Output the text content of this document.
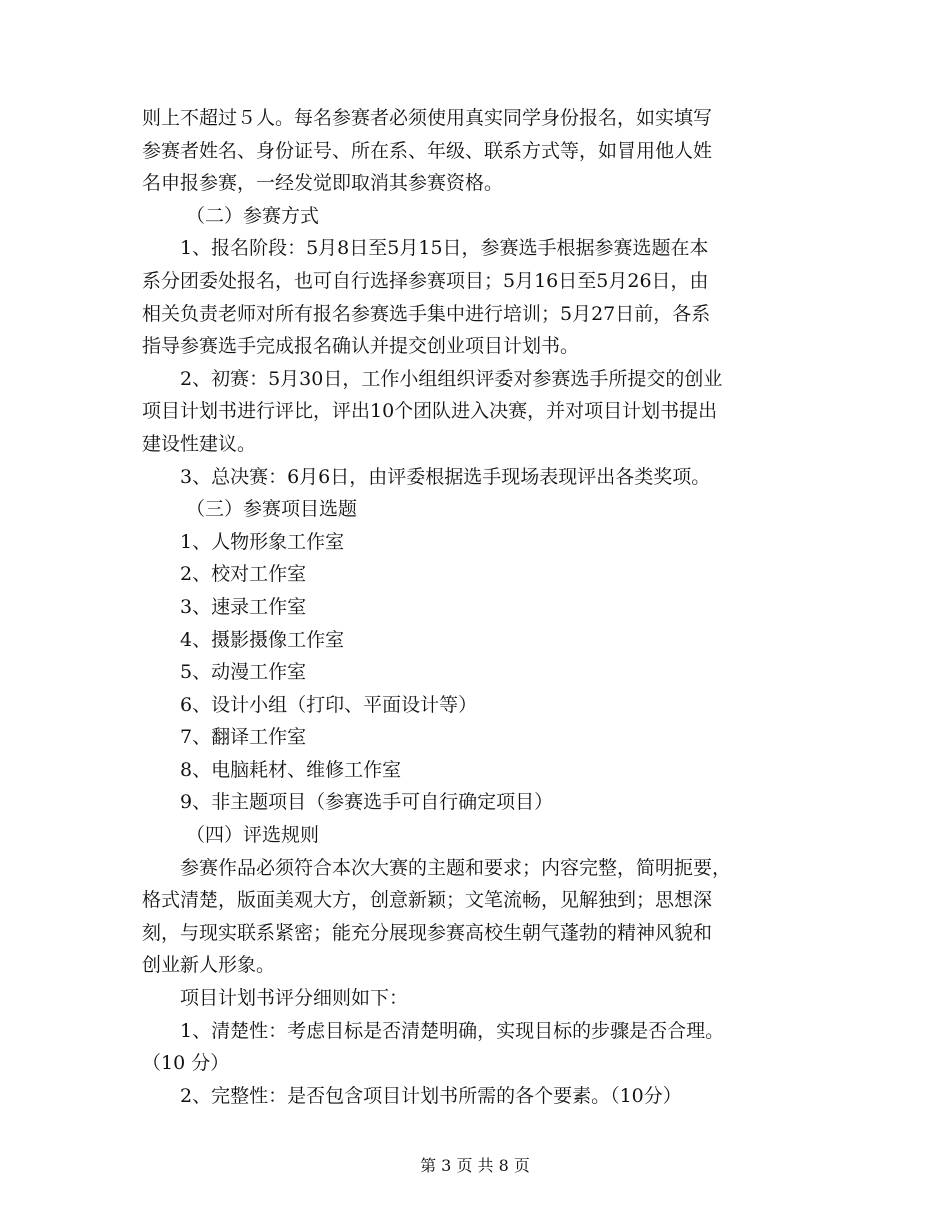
则上不超过５人。每名参赛者必须使用真实同学身份报名，如实填写
参赛者姓名、身份证号、所在系、年级、联系方式等，如冒用他人姓
名申报参赛，一经发觉即取消其参赛资格。
（二）参赛方式
1、报名阶段：5月8日至5月15日，参赛选手根据参赛选题在本
系分团委处报名，也可自行选择参赛项目；5月16日至5月26日，由
相关负责老师对所有报名参赛选手集中进行培训；5月27日前，各系
指导参赛选手完成报名确认并提交创业项目计划书。
2、初赛：5月30日，工作小组组织评委对参赛选手所提交的创业
项目计划书进行评比，评出10个团队进入决赛，并对项目计划书提出
建设性建议。
3、总决赛：6月6日，由评委根据选手现场表现评出各类奖项。
（三）参赛项目选题
1、人物形象工作室
2、校对工作室
3、速录工作室
4、摄影摄像工作室
5、动漫工作室
6、设计小组（打印、平面设计等）
7、翻译工作室
8、电脑耗材、维修工作室
9、非主题项目（参赛选手可自行确定项目）
（四）评选规则
参赛作品必须符合本次大赛的主题和要求；内容完整，简明扼要，
格式清楚，版面美观大方，创意新颖；文笔流畅，见解独到；思想深
刻，与现实联系紧密；能充分展现参赛高校生朝气蓬勃的精神风貌和
创业新人形象。
项目计划书评分细则如下：
1、清楚性：考虑目标是否清楚明确，实现目标的步骤是否合理。
（10 分）
2、完整性：是否包含项目计划书所需的各个要素。（10分）
第 3 页 共 8 页
